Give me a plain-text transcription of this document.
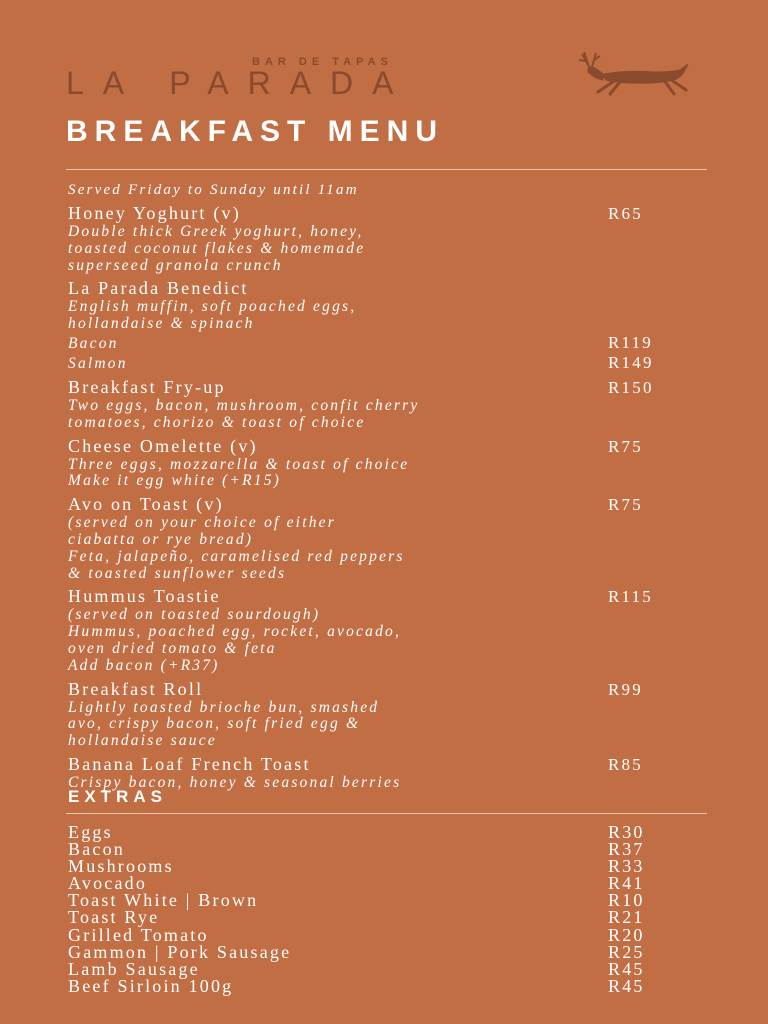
BAR DE TAPAS
LA PARADA
BREAKFAST MENU
Served Friday to Sunday until 11am
Honey Yoghurt (v)	R65
Double thick Greek yoghurt, honey,
toasted coconut flakes & homemade
superseed granola crunch
La Parada Benedict
English muffin, soft poached eggs,
hollandaise & spinach
Bacon	R119
Salmon	R149
Breakfast Fry-up	R150
Two eggs, bacon, mushroom, confit cherry
tomatoes, chorizo & toast of choice
Cheese Omelette (v)	R75
Three eggs, mozzarella & toast of choice
Make it egg white (+R15)
Avo on Toast (v)	R75
(served on your choice of either
ciabatta or rye bread)
Feta, jalapeño, caramelised red peppers
& toasted sunflower seeds
Hummus Toastie	R115
(served on toasted sourdough)
Hummus, poached egg, rocket, avocado,
oven dried tomato & feta
Add bacon (+R37)
Breakfast Roll	R99
Lightly toasted brioche bun, smashed
avo, crispy bacon, soft fried egg &
hollandaise sauce
Banana Loaf French Toast	R85
Crispy bacon, honey & seasonal berries
EXTRAS
Eggs	R30
Bacon	R37
Mushrooms	R33
Avocado	R41
Toast White | Brown	R10
Toast Rye	R21
Grilled Tomato	R20
Gammon | Pork Sausage	R25
Lamb Sausage	R45
Beef Sirloin 100g	R45
